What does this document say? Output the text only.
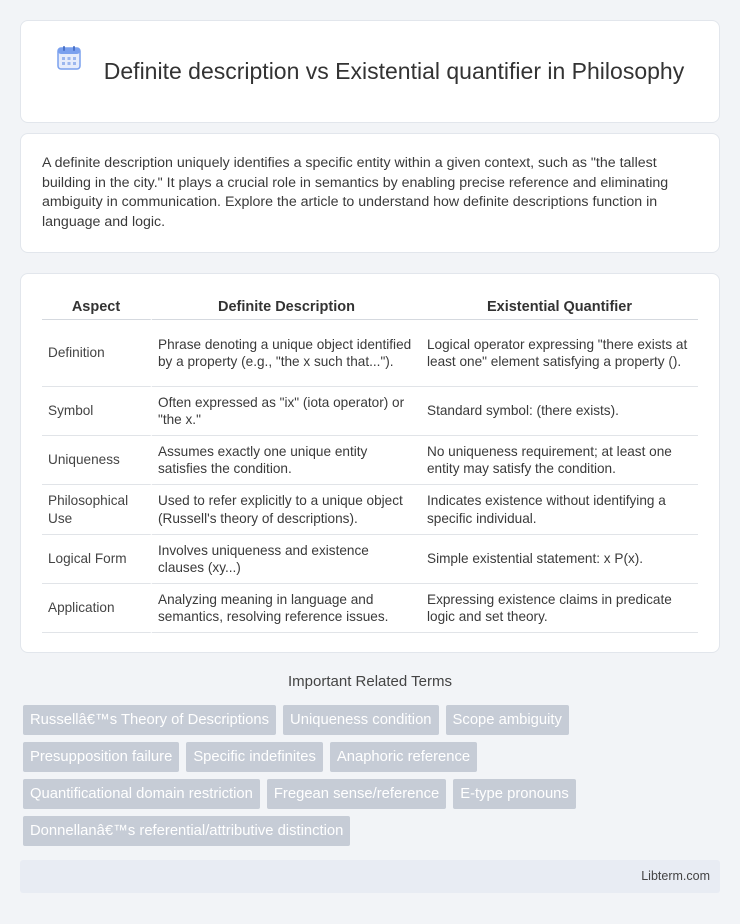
Definite description vs Existential quantifier in Philosophy

A definite description uniquely identifies a specific entity within a given context, such as "the tallest building in the city." It plays a crucial role in semantics by enabling precise reference and eliminating ambiguity in communication. Explore the article to understand how definite descriptions function in language and logic.

Aspect	Definite Description	Existential Quantifier
Definition	Phrase denoting a unique object identified by a property (e.g., "the x such that...").	Logical operator expressing "there exists at least one" element satisfying a property ().
Symbol	Often expressed as "ix" (iota operator) or "the x."	Standard symbol: (there exists).
Uniqueness	Assumes exactly one unique entity satisfies the condition.	No uniqueness requirement; at least one entity may satisfy the condition.
Philosophical Use	Used to refer explicitly to a unique object (Russell's theory of descriptions).	Indicates existence without identifying a specific individual.
Logical Form	Involves uniqueness and existence clauses (xy...)	Simple existential statement: x P(x).
Application	Analyzing meaning in language and semantics, resolving reference issues.	Expressing existence claims in predicate logic and set theory.
Important Related Terms
Russellâ€™s Theory of Descriptions	Uniqueness condition	Scope ambiguity
Presupposition failure	Specific indefinites	Anaphoric reference
Quantificational domain restriction	Fregean sense/reference	E-type pronouns
Donnellanâ€™s referential/attributive distinction
Libterm.com
